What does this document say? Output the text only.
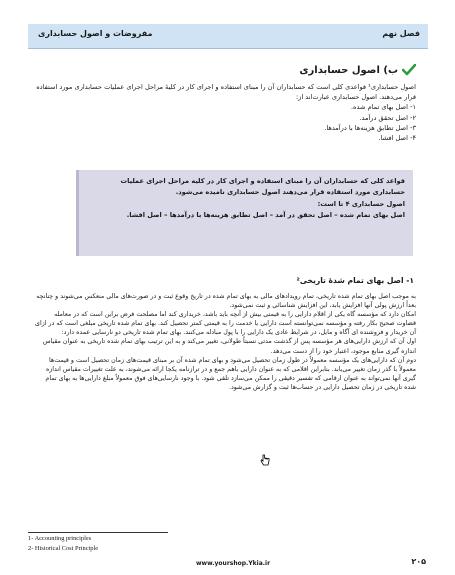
فصل نهم
مفروضات و اصول حسابداری
ب) اصول حسابداری

اصول حسابداری¹ قواعدی کلی است که حسابداران آن را مبنای استفاده و اجرای کار در کلیهٔ مراحل اجرای عملیات حسابداری مورد استفاده قرار می‌دهند. اصول حسابداری عبارت‌اند از:

۱- اصل بهای تمام شده.

۲- اصل تحقق درآمد.

۳- اصل تطابق هزینه‌ها با درآمدها.

۴- اصل افشا.

قواعد کلی که حسابداران آن را مبنای استفاده و اجرای کار در کلیه مراحل اجرای عملیات حسابداری مورد استفاده قرار می‌دهند اصول حسابداری نامیده می‌شود.

اصول حسابداری ۴ تا است:

اصل بهای تمام شده – اصل تحقق در آمد – اصل تطابق هزینه‌ها با درآمدها – اصل افشا.

۱- اصل بهای تمام شدهٔ تاریخی²

به موجب اصل بهای تمام شده تاریخی، تمام رویدادهای مالی به بهای تمام شده در تاریخ وقوع ثبت و در صورت‌های مالی منعکس می‌شوند و چنانچه بعداً ارزش پولی آنها افزایش یابد، این افزایش شناسائی و ثبت نمی‌شود.

امکان دارد که مؤسسه گاه یکی از اقلام دارایی را به قیمتی بیش از آنچه باید باشد، خریداری کند اما مصلحت فرض براین است که در معامله قضاوت صحیح بکار رفته و مؤسسه نمی‌توانسته است دارایی یا خدمت را به قیمتی کمتر تحصیل کند. بهای تمام شده تاریخی مبلغی است که در ازای آن خریدار و فروشنده ای آگاه و مایل، در شرایط عادی یک دارایی را با پول مبادله می‌کنند. بهای تمام شده تاریخی دو نارسایی عمده دارد:

اول آن که ارزش دارایی‌های هر مؤسسه پس از گذشت مدتی نسبتاً طولانی، تغییر می‌کند و به این ترتیب بهای تمام شده تاریخی به عنوان مقیاس اندازه گیری منابع موجود، اعتبار خود را از دست می‌دهد.

دوم آن که دارایی‌های یک مؤسسه معمولاً در طول زمان تحصیل می‌شود و بهای تمام شده آن بر مبنای قیمت‌های زمان تحصیل است و قیمت‌ها معمولاً با گذر زمان تغییر می‌یابد. بنابراین اقلامی که به عنوان دارایی باهم جمع و در ترازنامه یکجا ارائه می‌شوند، به علت تغییرات مقیاس اندازه گیری آنها نمی‌تواند به عنوان ارقامی که تفسیر دقیقی را ممکن می‌سازد تلقی شود. با وجود نارسایی‌های فوق معمولاً مبلغ دارایی‌ها به بهای تمام شده تاریخی در زمان تحصیل دارایی در حساب‌ها ثبت و گزارش می‌شود.

1- Accounting principles
2- Historical Cost Principle
www.yourshop.Ykia.ir	۲۰۵
